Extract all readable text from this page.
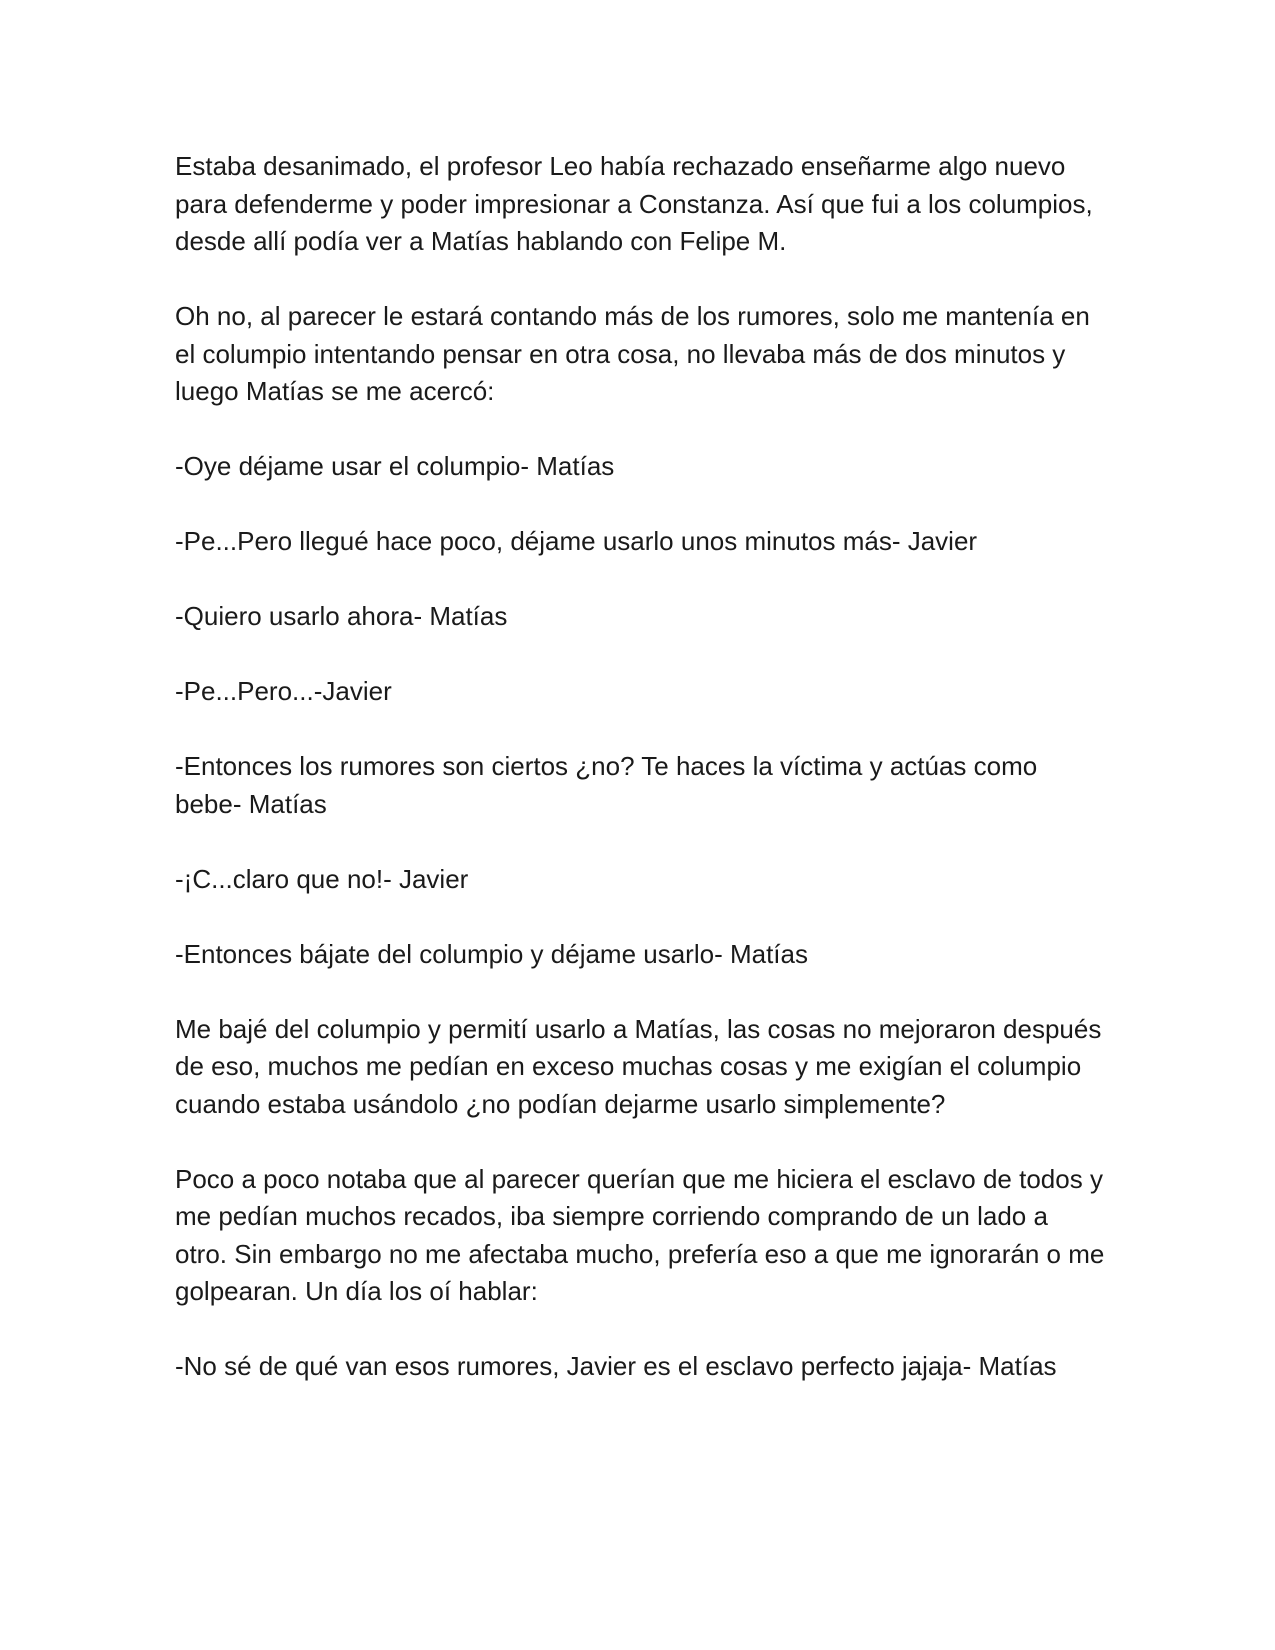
Estaba desanimado, el profesor Leo había rechazado enseñarme algo nuevo para defenderme y poder impresionar a Constanza. Así que fui a los columpios, desde allí podía ver a Matías hablando con Felipe M.

Oh no, al parecer le estará contando más de los rumores, solo me mantenía en el columpio intentando pensar en otra cosa, no llevaba más de dos minutos y luego Matías se me acercó:

-Oye déjame usar el columpio- Matías

-Pe...Pero llegué hace poco, déjame usarlo unos minutos más- Javier

-Quiero usarlo ahora- Matías

-Pe...Pero...-Javier

-Entonces los rumores son ciertos ¿no? Te haces la víctima y actúas como bebe- Matías

-¡C...claro que no!- Javier

-Entonces bájate del columpio y déjame usarlo- Matías

Me bajé del columpio y permití usarlo a Matías, las cosas no mejoraron después de eso, muchos me pedían en exceso muchas cosas y me exigían el columpio cuando estaba usándolo ¿no podían dejarme usarlo simplemente?

Poco a poco notaba que al parecer querían que me hiciera el esclavo de todos y me pedían muchos recados, iba siempre corriendo comprando de un lado a otro. Sin embargo no me afectaba mucho, prefería eso a que me ignorarán o me golpearan. Un día los oí hablar:

-No sé de qué van esos rumores, Javier es el esclavo perfecto jajaja- Matías
